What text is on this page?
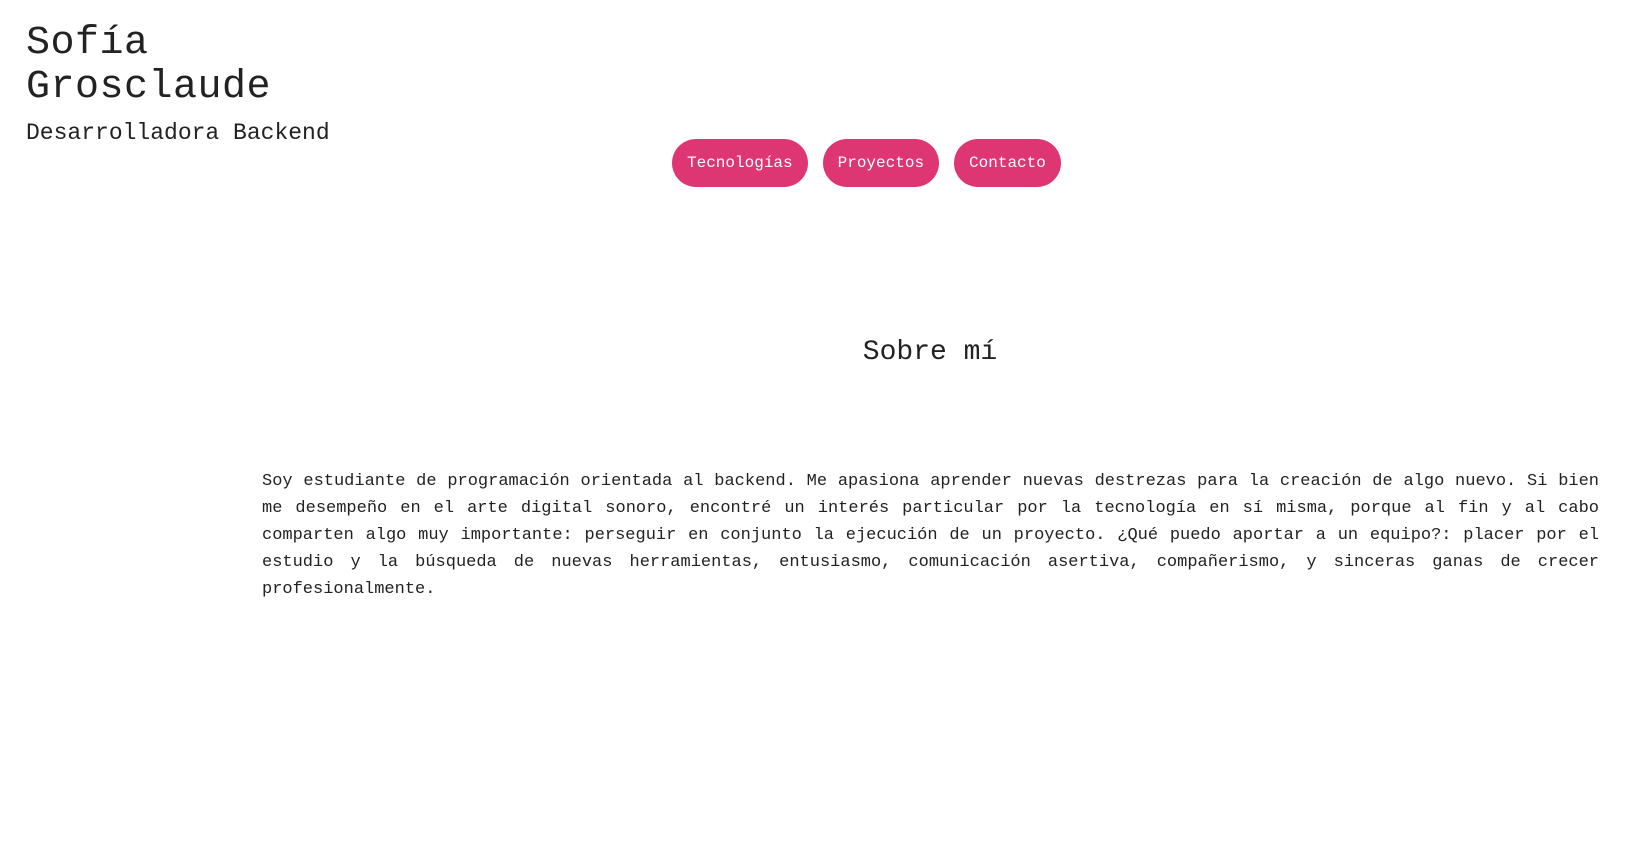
Sofía Grosclaude
Desarrolladora Backend
Tecnologías	Proyectos	Contacto
Sobre mí

Soy estudiante de programación orientada al backend. Me apasiona aprender nuevas destrezas para la creación de algo nuevo. Si bien me desempeño en el arte digital sonoro, encontré un interés particular por la tecnología en sí misma, porque al fin y al cabo comparten algo muy importante: perseguir en conjunto la ejecución de un proyecto. ¿Qué puedo aportar a un equipo?: placer por el estudio y la búsqueda de nuevas herramientas, entusiasmo, comunicación asertiva, compañerismo, y sinceras ganas de crecer profesionalmente.
